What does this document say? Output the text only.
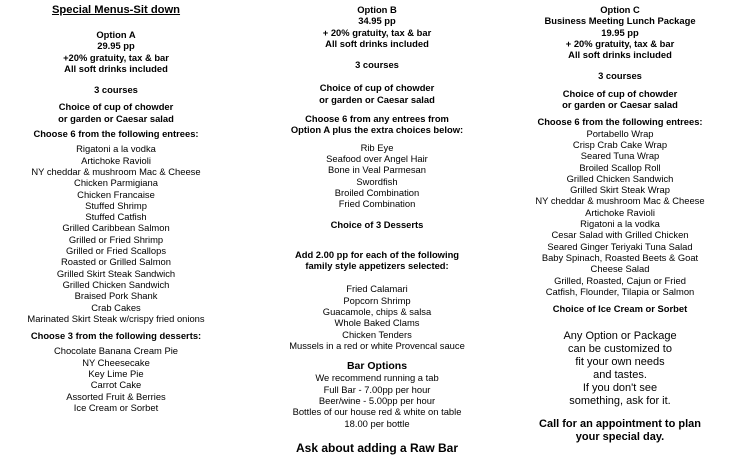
Special Menus-Sit down
Option A
29.95 pp
+20% gratuity, tax & bar
All soft drinks included
3 courses
Choice of cup of chowder
or garden or Caesar salad
Choose 6 from the following entrees:
Rigatoni a la vodka
Artichoke Ravioli
NY cheddar & mushroom Mac & Cheese
Chicken Parmigiana
Chicken Francaise
Stuffed Shrimp
Stuffed Catfish
Grilled Caribbean Salmon
Grilled or Fried Shrimp
Grilled or Fried Scallops
Roasted or Grilled Salmon
Grilled Skirt Steak Sandwich
Grilled Chicken Sandwich
Braised Pork Shank
Crab Cakes
Marinated Skirt Steak w/crispy fried onions
Choose 3 from the following desserts:
Chocolate Banana Cream Pie
NY Cheesecake
Key Lime Pie
Carrot Cake
Assorted Fruit & Berries
Ice Cream or Sorbet
Option B
34.95 pp
+ 20% gratuity, tax & bar
All soft drinks included
3 courses
Choice of cup of chowder
or garden or Caesar salad
Choose 6 from any entrees from
Option A plus the extra choices below:
Rib Eye
Seafood over Angel Hair
Bone in Veal Parmesan
Swordfish
Broiled Combination
Fried Combination
Choice of 3 Desserts
Add 2.00 pp for each of the following
family style appetizers selected:
Fried Calamari
Popcorn Shrimp
Guacamole, chips & salsa
Whole Baked Clams
Chicken Tenders
Mussels in a red or white Provencal sauce
Bar Options
We recommend running a tab
Full Bar - 7.00pp per hour
Beer/wine - 5.00pp per hour
Bottles of our house red & white on table
18.00 per bottle
Ask about adding a Raw Bar
Option C
Business Meeting Lunch Package
19.95 pp
+ 20% gratuity, tax & bar
All soft drinks included
3 courses
Choice of cup of chowder
or garden or Caesar salad
Choose 6 from the following entrees:
Portabello Wrap
Crisp Crab Cake Wrap
Seared Tuna Wrap
Broiled Scallop Roll
Grilled Chicken Sandwich
Grilled Skirt Steak Wrap
NY cheddar & mushroom Mac & Cheese
Artichoke Ravioli
Rigatoni a la vodka
Cesar Salad with Grilled Chicken
Seared Ginger Teriyaki Tuna Salad
Baby Spinach, Roasted Beets & Goat
Cheese Salad
Grilled, Roasted, Cajun or Fried
Catfish, Flounder, Tilapia or Salmon
Choice of Ice Cream or Sorbet
Any Option or Package
can be customized to
fit your own needs
and tastes.
If you don't see
something, ask for it.
Call for an appointment to plan
your special day.
